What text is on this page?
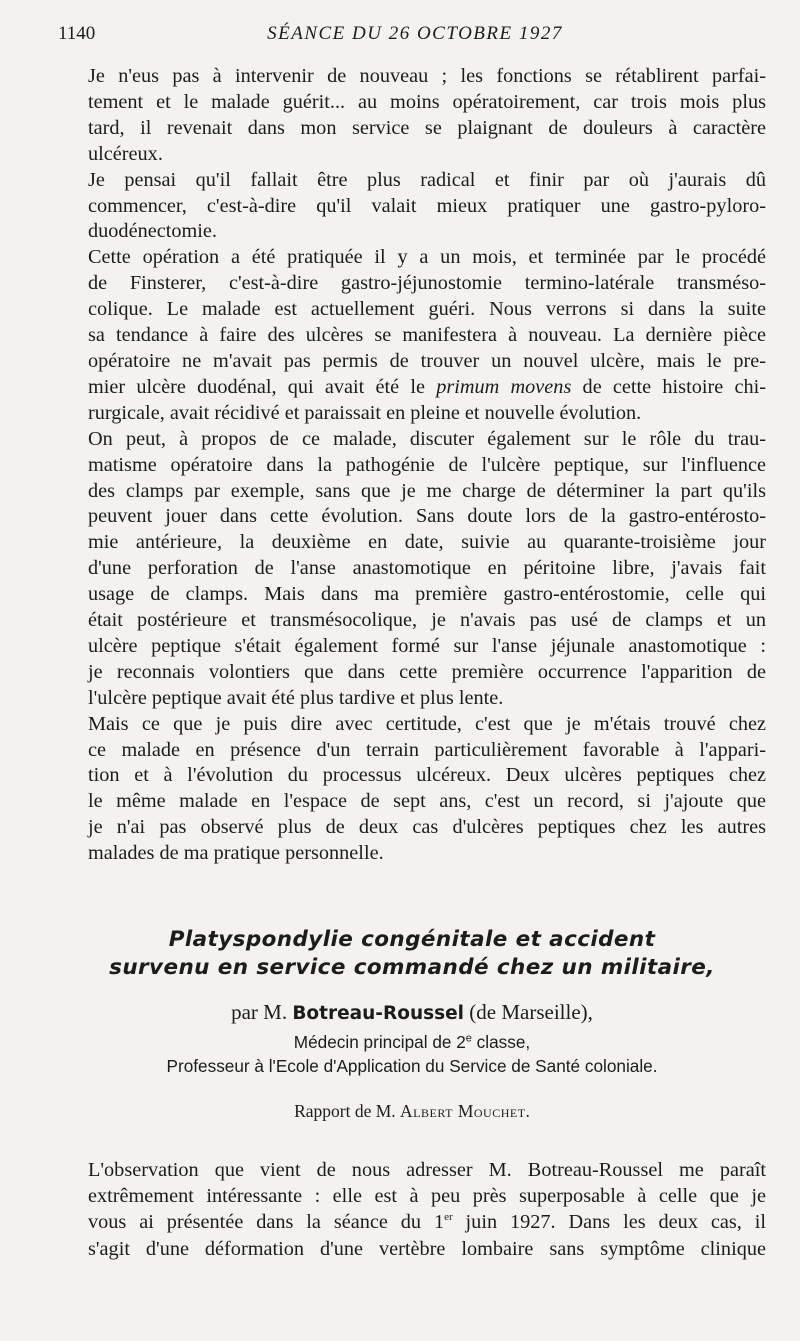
1140	SÉANCE DU 26 OCTOBRE 1927

Je n'eus pas à intervenir de nouveau ; les fonctions se rétablirent parfai-
tement et le malade guérit... au moins opératoirement, car trois mois plus
tard, il revenait dans mon service se plaignant de douleurs à caractère
ulcéreux.

Je pensai qu'il fallait être plus radical et finir par où j'aurais dû
commencer, c'est-à-dire qu'il valait mieux pratiquer une gastro-pyloro-
duodénectomie.

Cette opération a été pratiquée il y a un mois, et terminée par le procédé
de Finsterer, c'est-à-dire gastro-jéjunostomie termino-latérale transméso-
colique. Le malade est actuellement guéri. Nous verrons si dans la suite
sa tendance à faire des ulcères se manifestera à nouveau. La dernière pièce
opératoire ne m'avait pas permis de trouver un nouvel ulcère, mais le pre-
mier ulcère duodénal, qui avait été le primum movens de cette histoire chi-
rurgicale, avait récidivé et paraissait en pleine et nouvelle évolution.

On peut, à propos de ce malade, discuter également sur le rôle du trau-
matisme opératoire dans la pathogénie de l'ulcère peptique, sur l'influence
des clamps par exemple, sans que je me charge de déterminer la part qu'ils
peuvent jouer dans cette évolution. Sans doute lors de la gastro-entérosto-
mie antérieure, la deuxième en date, suivie au quarante-troisième jour
d'une perforation de l'anse anastomotique en péritoine libre, j'avais fait
usage de clamps. Mais dans ma première gastro-entérostomie, celle qui
était postérieure et transmésocolique, je n'avais pas usé de clamps et un
ulcère peptique s'était également formé sur l'anse jéjunale anastomotique :
je reconnais volontiers que dans cette première occurrence l'apparition de
l'ulcère peptique avait été plus tardive et plus lente.

Mais ce que je puis dire avec certitude, c'est que je m'étais trouvé chez
ce malade en présence d'un terrain particulièrement favorable à l'appari-
tion et à l'évolution du processus ulcéreux. Deux ulcères peptiques chez
le même malade en l'espace de sept ans, c'est un record, si j'ajoute que
je n'ai pas observé plus de deux cas d'ulcères peptiques chez les autres
malades de ma pratique personnelle.

Platyspondylie congénitale et accident
survenu en service commandé chez un militaire,
par M. Botreau-Roussel (de Marseille),
Médecin principal de 2e classe,
Professeur à l'Ecole d'Application du Service de Santé coloniale.
Rapport de M. Albert Mouchet.

L'observation que vient de nous adresser M. Botreau-Roussel me paraît
extrêmement intéressante : elle est à peu près superposable à celle que je
vous ai présentée dans la séance du 1er juin 1927. Dans les deux cas, il
s'agit d'une déformation d'une vertèbre lombaire sans symptôme clinique
